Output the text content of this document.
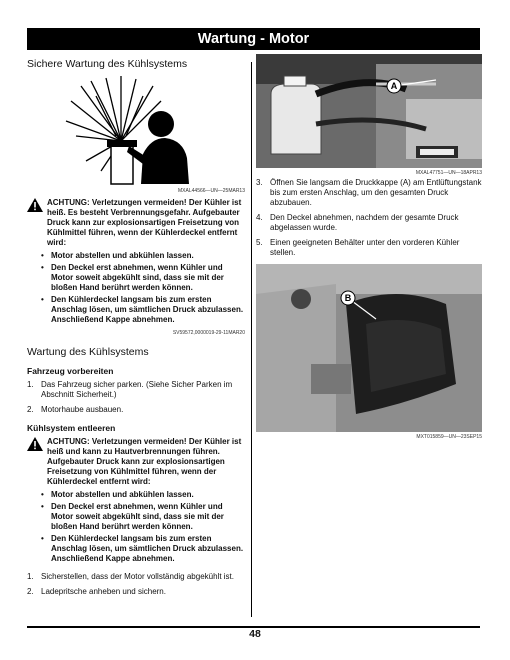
Wartung - Motor
Sichere Wartung des Kühlsystems
MXAL44566—UN—25MAR13
ACHTUNG: Verletzungen vermeiden! Der Kühler ist heiß. Es besteht Verbrennungsgefahr. Aufgebauter Druck kann zur explosionsartigen Freisetzung von Kühlmittel führen, wenn der Kühlerdeckel entfernt wird:
• Motor abstellen und abkühlen lassen.
• Den Deckel erst abnehmen, wenn Kühler und Motor soweit abgekühlt sind, dass sie mit der bloßen Hand berührt werden können.
• Den Kühlerdeckel langsam bis zum ersten Anschlag lösen, um sämtlichen Druck abzulassen. Anschließend Kappe abnehmen.
SV59572,0000019-29-11MAR20
Wartung des Kühlsystems
Fahrzeug vorbereiten
1. Das Fahrzeug sicher parken. (Siehe Sicher Parken im Abschnitt Sicherheit.)
2. Motorhaube ausbauen.
Kühlsystem entleeren
ACHTUNG: Verletzungen vermeiden! Der Kühler ist heiß und kann zu Hautverbrennungen führen. Aufgebauter Druck kann zur explosionsartigen Freisetzung von Kühlmittel führen, wenn der Kühlerdeckel entfernt wird:
• Motor abstellen und abkühlen lassen.
• Den Deckel erst abnehmen, wenn Kühler und Motor soweit abgekühlt sind, dass sie mit der bloßen Hand berührt werden können.
• Den Kühlerdeckel langsam bis zum ersten Anschlag lösen, um sämtlichen Druck abzulassen. Anschließend Kappe abnehmen.
1. Sicherstellen, dass der Motor vollständig abgekühlt ist.
2. Ladepritsche anheben und sichern.
A
MXAL47751—UN—18APR13
3. Öffnen Sie langsam die Druckkappe (A) am Entlüftungstank bis zum ersten Anschlag, um den gesamten Druck abzubauen.
4. Den Deckel abnehmen, nachdem der gesamte Druck abgelassen wurde.
5. Einen geeigneten Behälter unter den vorderen Kühler stellen.
B
MXT015859—UN—23SEP15
48
